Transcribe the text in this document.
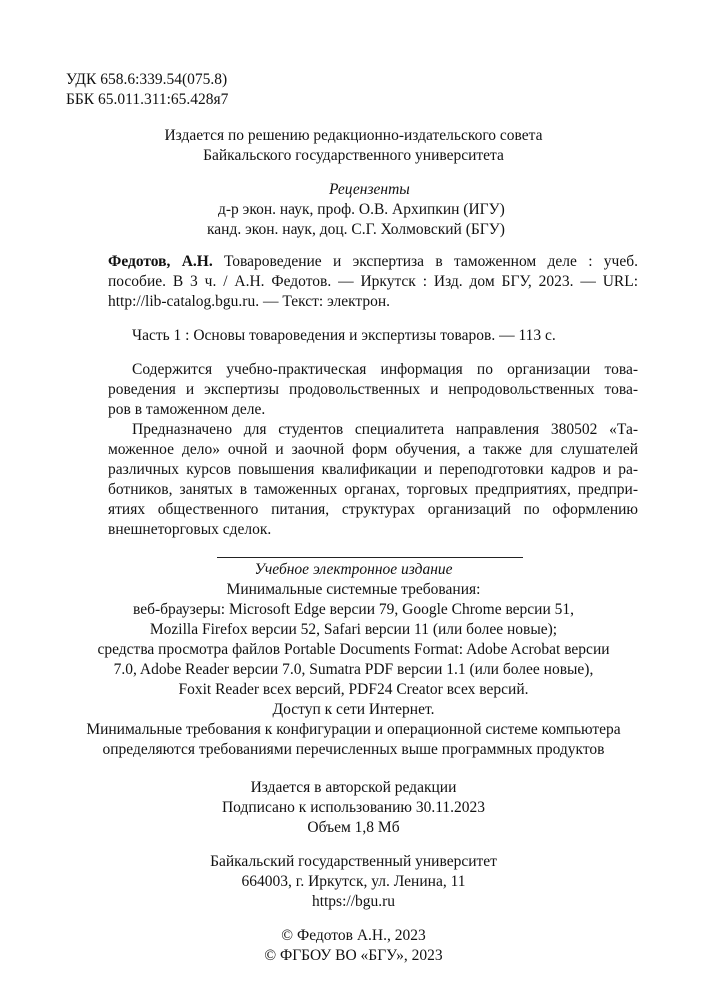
УДК 658.6:339.54(075.8)
ББК 65.011.311:65.428я7
Издается по решению редакционно-издательского совета
Байкальского государственного университета
Рецензенты
д-р экон. наук, проф. О.В. Архипкин (ИГУ)
канд. экон. наук, доц. С.Г. Холмовский (БГУ)
Федотов, А.Н. Товароведение и экспертиза в таможенном деле : учеб.
пособие. В 3 ч. / А.Н. Федотов. — Иркутск : Изд. дом БГУ, 2023. — URL:
http://lib-catalog.bgu.ru. — Текст: электрон.
Часть 1 : Основы товароведения и экспертизы товаров. — 113 с.
Содержится учебно-практическая информация по организации това-
роведения и экспертизы продовольственных и непродовольственных това-
ров в таможенном деле.
Предназначено для студентов специалитета направления 380502 «Та-
моженное дело» очной и заочной форм обучения, а также для слушателей
различных курсов повышения квалификации и переподготовки кадров и ра-
ботников, занятых в таможенных органах, торговых предприятиях, предпри-
ятиях общественного питания, структурах организаций по оформлению
внешнеторговых сделок.
Учебное электронное издание
Минимальные системные требования:
веб-браузеры: Microsoft Edge версии 79, Google Chrome версии 51,
Mozilla Firefox версии 52, Safari версии 11 (или более новые);
средства просмотра файлов Portable Documents Format: Adobe Acrobat версии
7.0, Adobe Reader версии 7.0, Sumatra PDF версии 1.1 (или более новые),
Foxit Reader всех версий, PDF24 Creator всех версий.
Доступ к сети Интернет.
Минимальные требования к конфигурации и операционной системе компьютера
определяются требованиями перечисленных выше программных продуктов
Издается в авторской редакции
Подписано к использованию 30.11.2023
Объем 1,8 Мб
Байкальский государственный университет
664003, г. Иркутск, ул. Ленина, 11
https://bgu.ru
© Федотов А.Н., 2023
© ФГБОУ ВО «БГУ», 2023
